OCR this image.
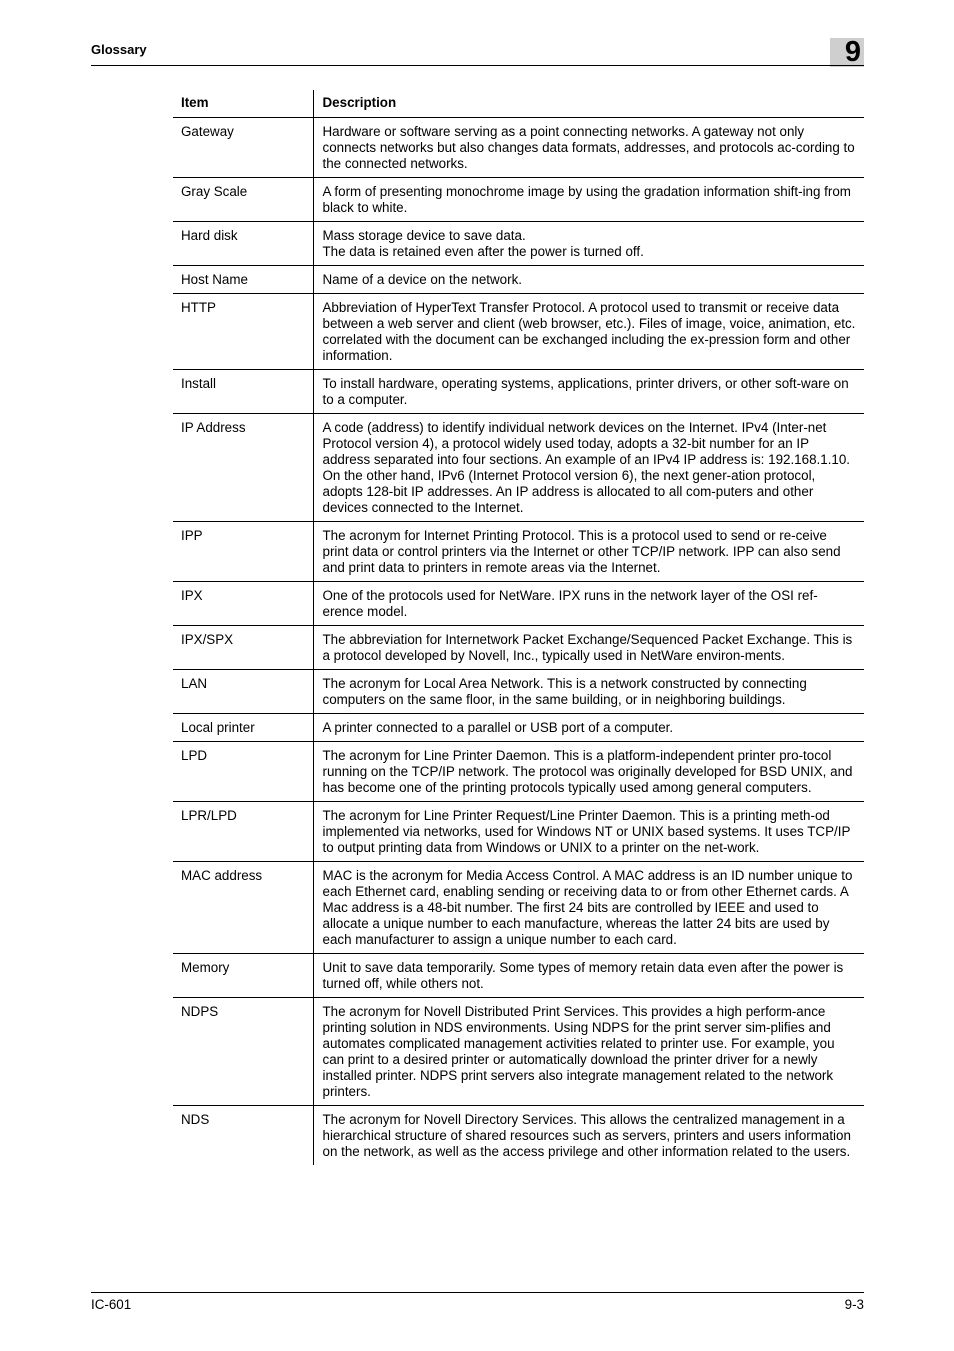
Glossary	9
Item	Description
Gateway	Hardware or software serving as a point connecting networks. A gateway not only connects networks but also changes data formats, addresses, and protocols ac-cording to the connected networks.
Gray Scale	A form of presenting monochrome image by using the gradation information shift-ing from black to white.
Hard disk	Mass storage device to save data.
The data is retained even after the power is turned off.
Host Name	Name of a device on the network.
HTTP	Abbreviation of HyperText Transfer Protocol. A protocol used to transmit or receive data between a web server and client (web browser, etc.). Files of image, voice, animation, etc. correlated with the document can be exchanged including the ex-pression form and other information.
Install	To install hardware, operating systems, applications, printer drivers, or other soft-ware on to a computer.
IP Address	A code (address) to identify individual network devices on the Internet. IPv4 (Inter-net Protocol version 4), a protocol widely used today, adopts a 32-bit number for an IP address separated into four sections. An example of an IPv4 IP address is: 192.168.1.10. On the other hand, IPv6 (Internet Protocol version 6), the next gener-ation protocol, adopts 128-bit IP addresses. An IP address is allocated to all com-puters and other devices connected to the Internet.
IPP	The acronym for Internet Printing Protocol. This is a protocol used to send or re-ceive print data or control printers via the Internet or other TCP/IP network. IPP can also send and print data to printers in remote areas via the Internet.
IPX	One of the protocols used for NetWare. IPX runs in the network layer of the OSI ref-erence model.
IPX/SPX	The abbreviation for Internetwork Packet Exchange/Sequenced Packet Exchange. This is a protocol developed by Novell, Inc., typically used in NetWare environ-ments.
LAN	The acronym for Local Area Network. This is a network constructed by connecting computers on the same floor, in the same building, or in neighboring buildings.
Local printer	A printer connected to a parallel or USB port of a computer.
LPD	The acronym for Line Printer Daemon. This is a platform-independent printer pro-tocol running on the TCP/IP network. The protocol was originally developed for BSD UNIX, and has become one of the printing protocols typically used among general computers.
LPR/LPD	The acronym for Line Printer Request/Line Printer Daemon. This is a printing meth-od implemented via networks, used for Windows NT or UNIX based systems. It uses TCP/IP to output printing data from Windows or UNIX to a printer on the net-work.
MAC address	MAC is the acronym for Media Access Control. A MAC address is an ID number unique to each Ethernet card, enabling sending or receiving data to or from other Ethernet cards. A Mac address is a 48-bit number. The first 24 bits are controlled by IEEE and used to allocate a unique number to each manufacture, whereas the latter 24 bits are used by each manufacturer to assign a unique number to each card.
Memory	Unit to save data temporarily. Some types of memory retain data even after the power is turned off, while others not.
NDPS	The acronym for Novell Distributed Print Services. This provides a high perform-ance printing solution in NDS environments. Using NDPS for the print server sim-plifies and automates complicated management activities related to printer use. For example, you can print to a desired printer or automatically download the printer driver for a newly installed printer. NDPS print servers also integrate management related to the network printers.
NDS	The acronym for Novell Directory Services. This allows the centralized management in a hierarchical structure of shared resources such as servers, printers and users information on the network, as well as the access privilege and other information related to the users.
IC-601	9-3
